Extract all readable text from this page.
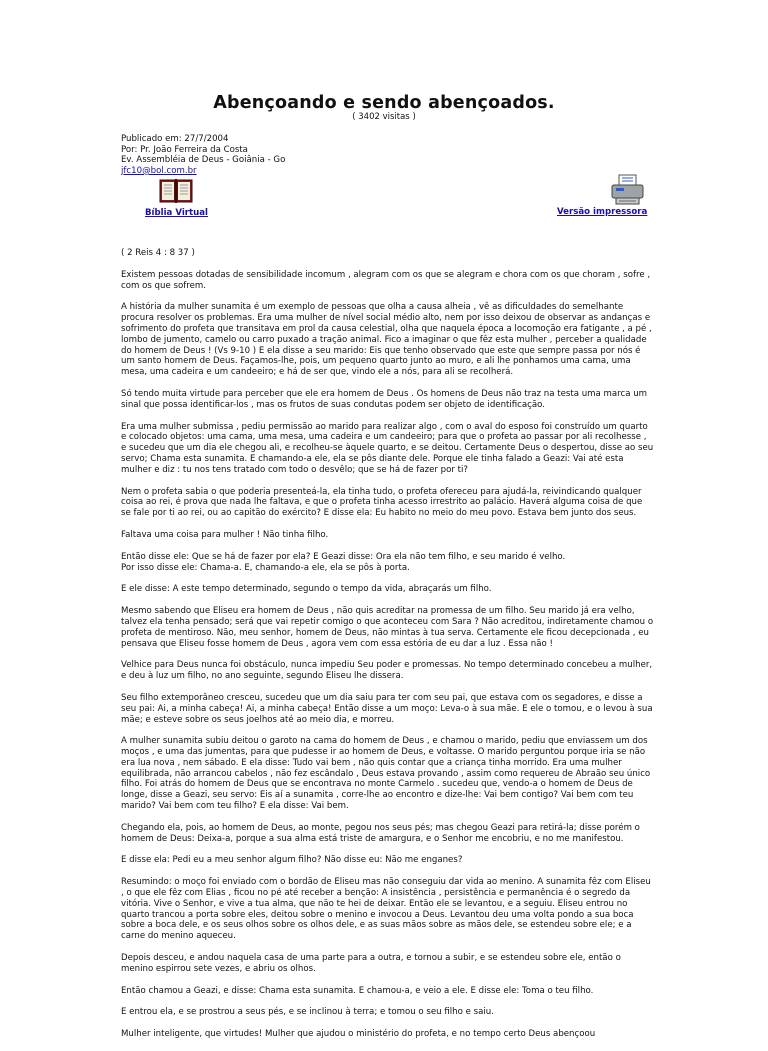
Abençoando e sendo abençoados.
( 3402 visitas )
Publicado em: 27/7/2004
Por: Pr. João Ferreira da Costa
Ev. Assembléia de Deus - Goiânia - Go
jfc10@bol.com.br
Bíblia Virtual	Versão impressora

( 2 Reis 4 : 8 37 )

Existem pessoas dotadas de sensibilidade incomum , alegram com os que se alegram e chora com os que choram , sofre , com os que sofrem.

A história da mulher sunamita é um exemplo de pessoas que olha a causa alheia , vê as dificuldades do semelhante procura resolver os problemas. Era uma mulher de nível social médio alto, nem por isso deixou de observar as andanças e sofrimento do profeta que transitava em prol da causa celestial, olha que naquela época a locomoção era fatigante , a pé , lombo de jumento, camelo ou carro puxado a tração animal. Fico a imaginar o que fêz esta mulher , perceber a qualidade do homem de Deus ! (Vs 9-10 ) E ela disse a seu marido: Eis que tenho observado que este que sempre passa por nós é um santo homem de Deus. Façamos-lhe, pois, um pequeno quarto junto ao muro, e ali lhe ponhamos uma cama, uma mesa, uma cadeira e um candeeiro; e há de ser que, vindo ele a nós, para ali se recolherá.

Só tendo muita virtude para perceber que ele era homem de Deus . Os homens de Deus não traz na testa uma marca um sinal que possa identificar-los , mas os frutos de suas condutas podem ser objeto de identificação.

Era uma mulher submissa , pediu permissão ao marido para realizar algo , com o aval do esposo foi construído um quarto e colocado objetos: uma cama, uma mesa, uma cadeira e um candeeiro; para que o profeta ao passar por ali recolhesse , e sucedeu que um dia ele chegou ali, e recolheu-se àquele quarto, e se deitou. Certamente Deus o despertou, disse ao seu servo; Chama esta sunamita. E chamando-a ele, ela se pôs diante dele. Porque ele tinha falado a Geazi: Vai até esta mulher e diz : tu nos tens tratado com todo o desvêlo; que se há de fazer por ti?

Nem o profeta sabia o que poderia presenteá-la, ela tinha tudo, o profeta ofereceu para ajudá-la, reivindicando qualquer coisa ao rei, é prova que nada lhe faltava, e que o profeta tinha acesso irrestrito ao palácio. Haverá alguma coisa de que se fale por ti ao rei, ou ao capitão do exército? E disse ela: Eu habito no meio do meu povo. Estava bem junto dos seus.

Faltava uma coisa para mulher ! Não tinha filho.

Então disse ele: Que se há de fazer por ela? E Geazi disse: Ora ela não tem filho, e seu marido é velho.
Por isso disse ele: Chama-a. E, chamando-a ele, ela se pôs à porta.

E ele disse: A este tempo determinado, segundo o tempo da vida, abraçarás um filho.

Mesmo sabendo que Eliseu era homem de Deus , não quis acreditar na promessa de um filho. Seu marido já era velho, talvez ela tenha pensado; será que vai repetir comigo o que aconteceu com Sara ? Não acreditou, indiretamente chamou o profeta de mentiroso. Não, meu senhor, homem de Deus, não mintas à tua serva. Certamente ele ficou decepcionada , eu pensava que Eliseu fosse homem de Deus , agora vem com essa estória de eu dar a luz . Essa não !

Velhice para Deus nunca foi obstáculo, nunca impediu Seu poder e promessas. No tempo determinado concebeu a mulher, e deu à luz um filho, no ano seguinte, segundo Eliseu lhe dissera.

Seu filho extemporâneo cresceu, sucedeu que um dia saiu para ter com seu pai, que estava com os segadores, e disse a seu pai: Ai, a minha cabeça! Ai, a minha cabeça! Então disse a um moço: Leva-o à sua mãe. E ele o tomou, e o levou à sua mãe; e esteve sobre os seus joelhos até ao meio dia, e morreu.

A mulher sunamita subiu deitou o garoto na cama do homem de Deus , e chamou o marido, pediu que enviassem um dos moços , e uma das jumentas, para que pudesse ir ao homem de Deus, e voltasse. O marido perguntou porque iria se não era lua nova , nem sábado. E ela disse: Tudo vai bem , não quis contar que a criança tinha morrido. Era uma mulher equilibrada, não arrancou cabelos , não fez escândalo , Deus estava provando , assim como requereu de Abraão seu único filho. Foi atrás do homem de Deus que se encontrava no monte Carmelo . sucedeu que, vendo-a o homem de Deus de longe, disse a Geazi, seu servo: Eis aí a sunamita , corre-lhe ao encontro e dize-lhe: Vai bem contigo? Vai bem com teu marido? Vai bem com teu filho? E ela disse: Vai bem.

Chegando ela, pois, ao homem de Deus, ao monte, pegou nos seus pés; mas chegou Geazi para retirá-la; disse porém o homem de Deus: Deixa-a, porque a sua alma está triste de amargura, e o Senhor me encobriu, e no me manifestou.

E disse ela: Pedi eu a meu senhor algum filho? Não disse eu: Não me enganes?

Resumindo: o moço foi enviado com o bordão de Eliseu mas não conseguiu dar vida ao menino. A sunamita fêz com Eliseu , o que ele fêz com Elias , ficou no pé até receber a benção: A insistência , persistência e permanência é o segredo da vitória. Vive o Senhor, e vive a tua alma, que não te hei de deixar. Então ele se levantou, e a seguiu. Eliseu entrou no quarto trancou a porta sobre eles, deitou sobre o menino e invocou a Deus. Levantou deu uma volta pondo a sua boca sobre a boca dele, e os seus olhos sobre os olhos dele, e as suas mãos sobre as mãos dele, se estendeu sobre ele; e a carne do menino aqueceu.

Depois desceu, e andou naquela casa de uma parte para a outra, e tornou a subir, e se estendeu sobre ele, então o menino espirrou sete vezes, e abriu os olhos.

Então chamou a Geazi, e disse: Chama esta sunamita. E chamou-a, e veio a ele. E disse ele: Toma o teu filho.

E entrou ela, e se prostrou a seus pés, e se inclinou à terra; e tomou o seu filho e saiu.

Mulher inteligente, que virtudes! Mulher que ajudou o ministério do profeta, e no tempo certo Deus abençoou
